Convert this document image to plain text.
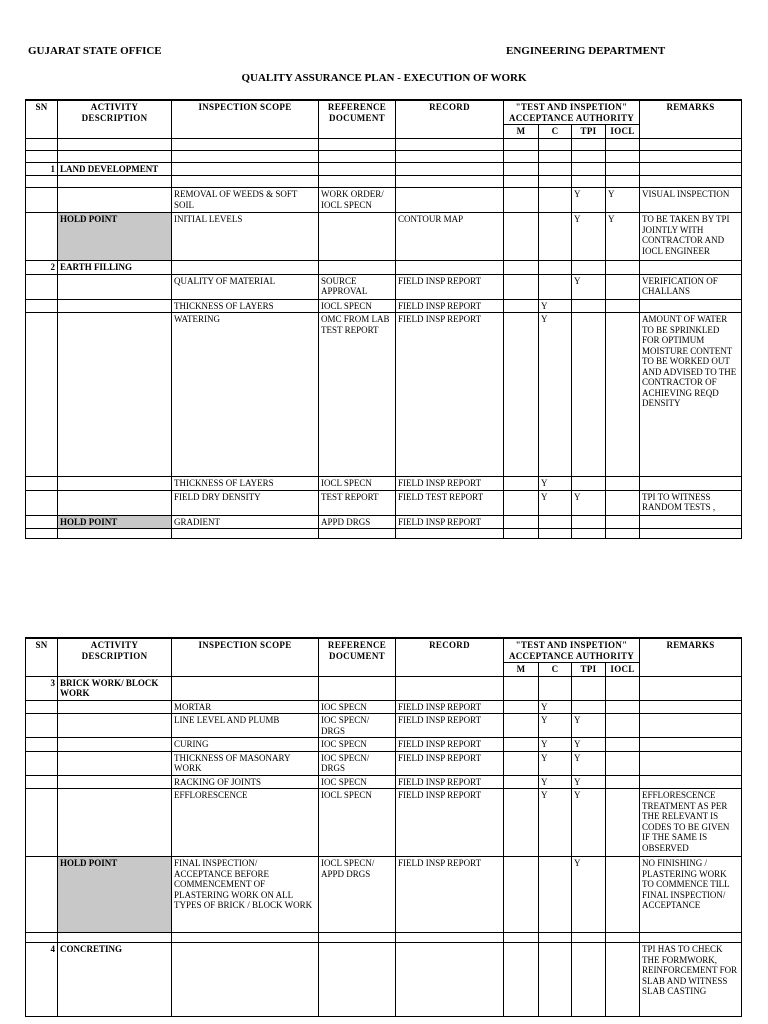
GUJARAT STATE OFFICE	ENGINEERING DEPARTMENT
QUALITY ASSURANCE PLAN - EXECUTION OF WORK
SN	ACTIVITY DESCRIPTION	INSPECTION SCOPE	REFERENCE DOCUMENT	RECORD	"TEST AND INSPETION" ACCEPTANCE AUTHORITY				REMARKS
					M	C	TPI	IOCL	

1	LAND DEVELOPMENT								

		REMOVAL OF WEEDS & SOFT SOIL	WORK ORDER/ IOCL SPECN				Y	Y	VISUAL INSPECTION
	HOLD POINT	INITIAL LEVELS		CONTOUR MAP			Y	Y	TO BE TAKEN BY TPI JOINTLY WITH CONTRACTOR AND IOCL ENGINEER
2	EARTH FILLING								
		QUALITY OF MATERIAL	SOURCE APPROVAL	FIELD INSP REPORT			Y		VERIFICATION OF CHALLANS
		THICKNESS OF LAYERS	IOCL SPECN	FIELD INSP REPORT		Y			
		WATERING	OMC FROM LAB TEST REPORT	FIELD INSP REPORT		Y			AMOUNT OF WATER TO BE SPRINKLED FOR OPTIMUM MOISTURE CONTENT TO BE WORKED OUT AND ADVISED TO THE CONTRACTOR OF ACHIEVING REQD DENSITY
		THICKNESS OF LAYERS	IOCL SPECN	FIELD INSP REPORT		Y			
		FIELD DRY DENSITY	TEST REPORT	FIELD TEST REPORT		Y	Y		TPI TO WITNESS RANDOM TESTS ,
	HOLD POINT	GRADIENT	APPD DRGS	FIELD INSP REPORT					

SN	ACTIVITY DESCRIPTION	INSPECTION SCOPE	REFERENCE DOCUMENT	RECORD	"TEST AND INSPETION" ACCEPTANCE AUTHORITY				REMARKS
					M	C	TPI	IOCL	
3	BRICK WORK/ BLOCK WORK								
		MORTAR	IOC SPECN	FIELD INSP REPORT		Y			
		LINE LEVEL AND PLUMB	IOC SPECN/ DRGS	FIELD INSP REPORT		Y	Y		
		CURING	IOC SPECN	FIELD INSP REPORT		Y	Y		
		THICKNESS OF MASONARY WORK	IOC SPECN/ DRGS	FIELD INSP REPORT		Y	Y		
		RACKING OF JOINTS	IOC SPECN	FIELD INSP REPORT		Y	Y		
		EFFLORESCENCE	IOCL SPECN	FIELD INSP REPORT		Y	Y		EFFLORESCENCE TREATMENT AS PER THE RELEVANT IS CODES TO BE GIVEN IF THE SAME IS OBSERVED
	HOLD POINT	FINAL INSPECTION/ ACCEPTANCE BEFORE COMMENCEMENT OF PLASTERING WORK ON ALL TYPES OF BRICK / BLOCK WORK	IOCL SPECN/ APPD DRGS	FIELD INSP REPORT			Y		NO FINISHING / PLASTERING WORK TO COMMENCE TILL FINAL INSPECTION/ ACCEPTANCE

4	CONCRETING								TPI HAS TO CHECK THE FORMWORK, REINFORCEMENT FOR SLAB AND WITNESS SLAB CASTING
